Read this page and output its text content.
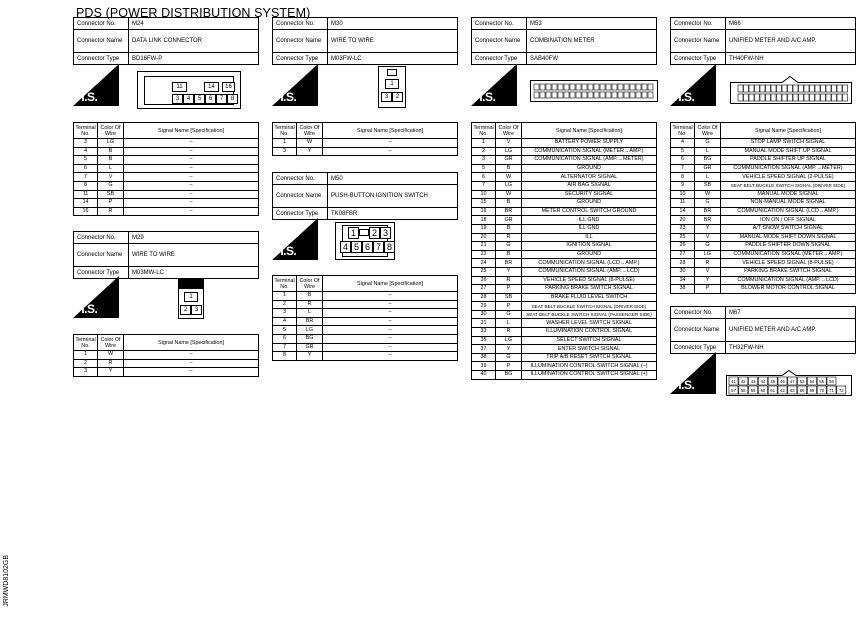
PDS (POWER DISTRIBUTION SYSTEM)
Connector No.	M24
Connector Name	DATA LINK CONNECTOR
Connector Type	BD16FW-P
H.S.
11	14	16
3	4	5	6	7	8
Terminal No.	Color Of Wire	Signal Name [Specification]
3	LG	–
4	B	–
5	B	–
6	L	–
7	V	–
8	G	–
11	SB	–
14	P	–
16	R	–
Connector No.	M29
Connector Name	WIRE TO WIRE
Connector Type	M03MW-LC
H.S.
1
2	3
Terminal No.	Color Of Wire	Signal Name [Specification]
1	W	–
2	R	–
3	Y	–
Connector No.	M30
Connector Name	WIRE TO WIRE
Connector Type	M03FW-LC
H.S.
1
3	2
Terminal No.	Color Of Wire	Signal Name [Specification]
1	W	–
3	Y	–
Connector No.	M50
Connector Name	PUSH-BUTTON IGNITION SWITCH
Connector Type	TK08FBR
H.S.
1	2 3
4 5 6 7 8
Terminal No.	Color Of Wire	Signal Name [Specification]
1	B	–
2	R	–
3	L	–
4	BR	–
5	LG	–
6	BG	–
7	GR	–
8	Y	–
Connector No.	M53
Connector Name	COMBINATION METER
Connector Type	SAB40FW
H.S.
Terminal No.	Color Of Wire	Signal Name [Specification]
1	V	BATTERY POWER SUPPLY
2	LG	COMMUNICATION SIGNAL (METER→AMP.)
3	GR	COMMUNICATION SIGNAL (AMP.→METER)
5	B	GROUND
6	W	ALTERNATOR SIGNAL
7	LG	AIR BAG SIGNAL
10	W	SECURITY SIGNAL
15	B	GROUND
16	BR	METER CONTROL SWITCH GROUND
18	GR	ILL GND
19	B	ILL GND
20	R	ILL
21	G	IGNITION SIGNAL
22	B	GROUND
24	BR	COMMUNICATION SIGNAL (LCD→AMP.)
25	Y	COMMUNICATION SIGNAL (AMP.→LCD)
26	R	VEHICLE SPEED SIGNAL (8-PULSE)
27	P	PARKING BRAKE SWITCH SIGNAL
28	SB	BRAKE FLUID LEVEL SWITCH
29	P	SEAT BELT BUCKLE SWITCH SIGNAL (DRIVER SIDE)
30	G	SEAT BELT BUCKLE SWITCH SIGNAL (PASSENGER SIDE)
31	L	WASHER LEVEL SWITCH SIGNAL
33	R	ILLUMINATION CONTROL SIGNAL
35	LG	SELECT SWITCH SIGNAL
37	Y	ENTER SWITCH SIGNAL
38	G	TRIP A/B RESET SWITCH SIGNAL
39	P	ILLUMINATION CONTROL SWITCH SIGNAL (–)
40	BG	ILLUMINATION CONTROL SWITCH SIGNAL (+)
Connector No.	M66
Connector Name	UNIFIED METER AND A/C AMP.
Connector Type	TH40FW-NH
H.S.
Terminal No.	Color Of Wire	Signal Name [Specification]
4	G	STOP LAMP SWITCH SIGNAL
5	L	MANUAL MODE SHIFT UP SIGNAL
6	BG	PADDLE SHIFTER UP SIGNAL
7	GR	COMMUNICATION SIGNAL (AMP.→METER)
8	L	VEHICLE SPEED SIGNAL (2-PULSE)
9	SB	SEAT BELT BUCKLE SWITCH SIGNAL (DRIVER SIDE)
10	W	MANUAL MODE SIGNAL
11	G	NON-MANUAL MODE SIGNAL
14	BR	COMMUNICATION SIGNAL (LCD→AMP.)
20	BR	ION ON / OFF SIGNAL
23	Y	A/T SNOW SWITCH SIGNAL
25	V	MANUAL MODE SHIFT DOWN SIGNAL
26	G	PADDLE SHIFTER DOWN SIGNAL
27	LG	COMMUNICATION SIGNAL (METER→AMP.)
28	R	VEHICLE SPEED SIGNAL (8-PULSE)
30	V	PARKING BRAKE SWITCH SIGNAL
34	Y	COMMUNICATION SIGNAL (AMP.→LCD)
38	P	BLOWER MOTOR CONTROL SIGNAL
Connector No.	M67
Connector Name	UNIFIED METER AND A/C AMP.
Connector Type	TH32FW-NH
H.S.	41 42 43 44 45 46 47 53 54 55 56
57 58 59 60 61 62 63 66 69 70 71 72
JRMWD8102GB
